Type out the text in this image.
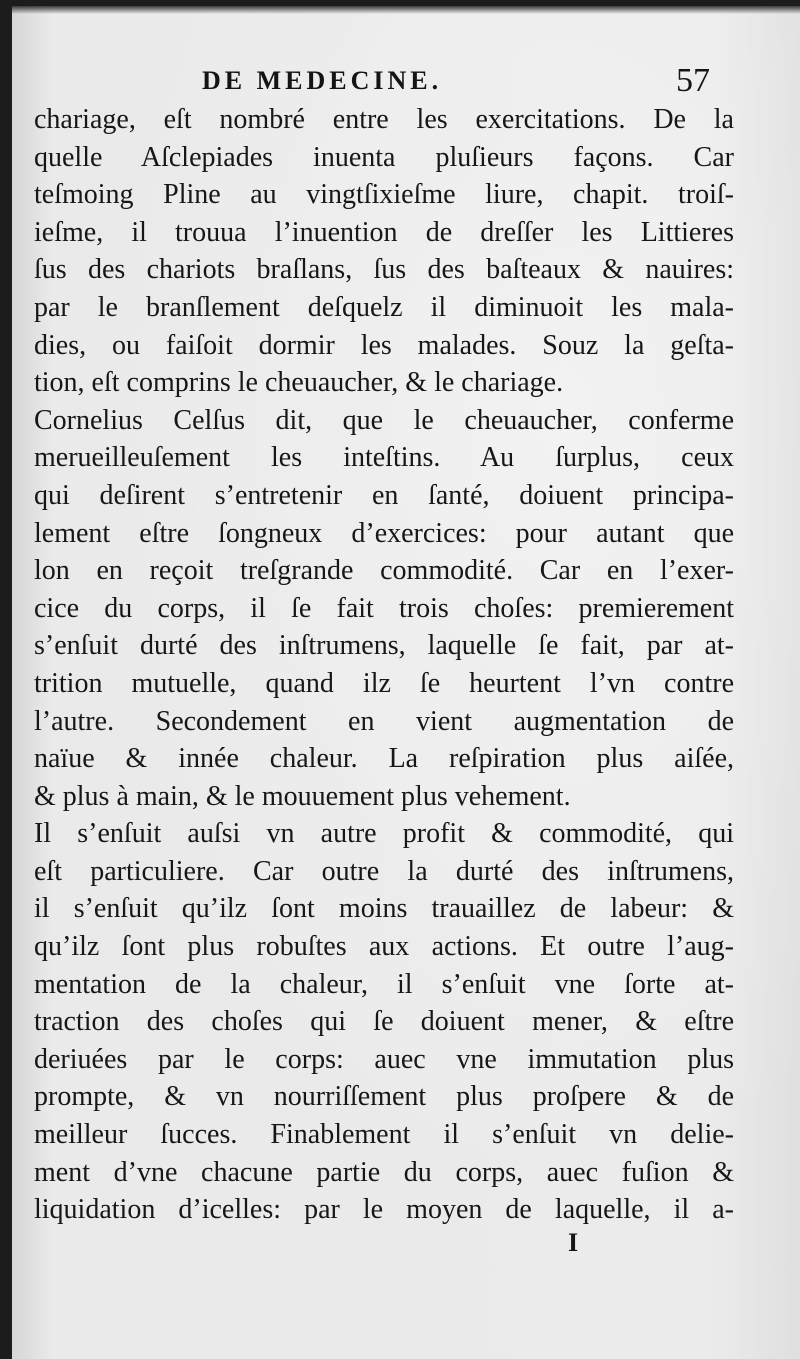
DE MEDECINE.	57
chariage, eſt nombré entre les exercitations. De la
quelle Aſclepiades inuenta pluſieurs façons. Car
teſmoing Pline au vingtſixieſme liure, chapit. troiſ-
ieſme, il trouua l’inuention de dreſſer les Littieres
ſus des chariots braſlans, ſus des baſteaux & nauires:
par le branſlement deſquelz il diminuoit les mala-
dies, ou faiſoit dormir les malades. Souz la geſta-
tion, eſt comprins le cheuaucher, & le chariage.
Cornelius Celſus dit, que le cheuaucher, conferme
merueilleuſement les inteſtins. Au ſurplus, ceux
qui deſirent s’entretenir en ſanté, doiuent principa-
lement eſtre ſongneux d’exercices: pour autant que
lon en reçoit treſgrande commodité. Car en l’exer-
cice du corps, il ſe fait trois choſes: premierement
s’enſuit durté des inſtrumens, laquelle ſe fait, par at-
trition mutuelle, quand ilz ſe heurtent l’vn contre
l’autre. Secondement en vient augmentation de
naïue & innée chaleur. La reſpiration plus aiſée,
& plus à main, & le mouuement plus vehement.
Il s’enſuit auſsi vn autre profit & commodité, qui
eſt particuliere. Car outre la durté des inſtrumens,
il s’enſuit qu’ilz ſont moins trauaillez de labeur: &
qu’ilz ſont plus robuſtes aux actions. Et outre l’aug-
mentation de la chaleur, il s’enſuit vne ſorte at-
traction des choſes qui ſe doiuent mener, & eſtre
deriuées par le corps: auec vne immutation plus
prompte, & vn nourriſſement plus proſpere & de
meilleur ſucces. Finablement il s’enſuit vn delie-
ment d’vne chacune partie du corps, auec fuſion &
liquidation d’icelles: par le moyen de laquelle, il a-
I
